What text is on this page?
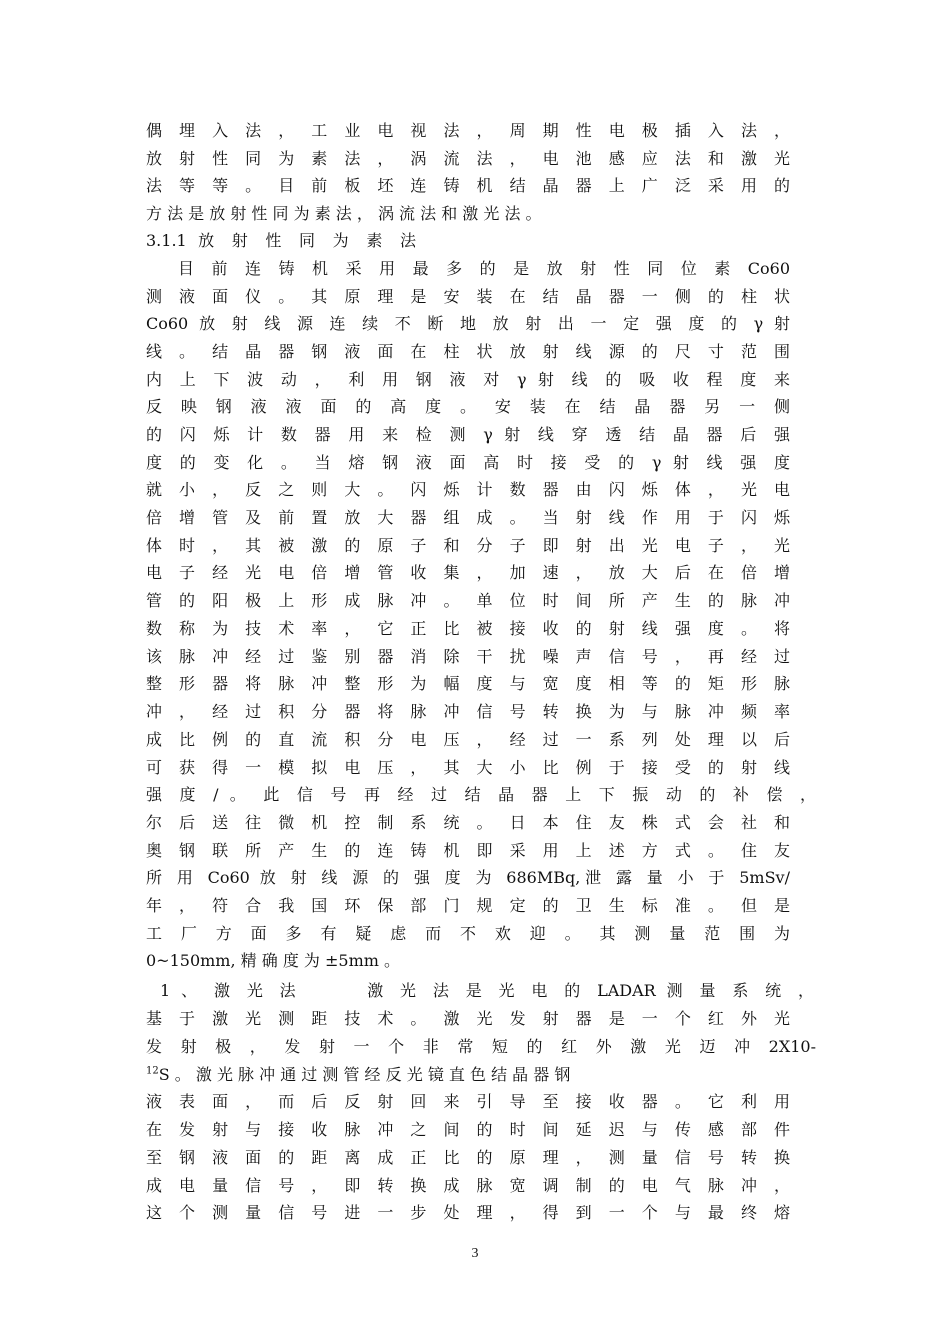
偶 埋 入 法 ， 工 业 电 视 法 ， 周 期 性 电 极 插 入 法 ，
放 射 性 同 为 素 法 ， 涡 流 法 ， 电 池 感 应 法 和 激 光
法 等 等 。 目 前 板 坯 连 铸 机 结 晶 器 上 广 泛 采 用 的
方 法 是 放 射 性 同 为 素 法 ， 涡 流 法 和 激 光 法 。
3.1.1 放 射 性 同 为 素 法
目 前 连 铸 机 采 用 最 多 的 是 放 射 性 同 位 素 Co60
测 液 面 仪 。 其 原 理 是 安 装 在 结 晶 器 一 侧 的 柱 状
Co60 放 射 线 源 连 续 不 断 地 放 射 出 一 定 强 度 的 γ 射
线 。 结 晶 器 钢 液 面 在 柱 状 放 射 线 源 的 尺 寸 范 围
内 上 下 波 动 ， 利 用 钢 液 对 γ 射 线 的 吸 收 程 度 来
反 映 钢 液 液 面 的 高 度 。 安 装 在 结 晶 器 另 一 侧
的 闪 烁 计 数 器 用 来 检 测 γ 射 线 穿 透 结 晶 器 后 强
度 的 变 化 。 当 熔 钢 液 面 高 时 接 受 的 γ 射 线 强 度
就 小 ， 反 之 则 大 。 闪 烁 计 数 器 由 闪 烁 体 ， 光 电
倍 增 管 及 前 置 放 大 器 组 成 。 当 射 线 作 用 于 闪 烁
体 时 ， 其 被 激 的 原 子 和 分 子 即 射 出 光 电 子 ， 光
电 子 经 光 电 倍 增 管 收 集 ， 加 速 ， 放 大 后 在 倍 增
管 的 阳 极 上 形 成 脉 冲 。 单 位 时 间 所 产 生 的 脉 冲
数 称 为 技 术 率 ， 它 正 比 被 接 收 的 射 线 强 度 。 将
该 脉 冲 经 过 鉴 别 器 消 除 干 扰 噪 声 信 号 ， 再 经 过
整 形 器 将 脉 冲 整 形 为 幅 度 与 宽 度 相 等 的 矩 形 脉
冲 ， 经 过 积 分 器 将 脉 冲 信 号 转 换 为 与 脉 冲 频 率
成 比 例 的 直 流 积 分 电 压 ， 经 过 一 系 列 处 理 以 后
可 获 得 一 模 拟 电 压 ， 其 大 小 比 例 于 接 受 的 射 线
强 度 / 。 此 信 号 再 经 过 结 晶 器 上 下 振 动 的 补 偿 ，
尔 后 送 往 微 机 控 制 系 统 。 日 本 住 友 株 式 会 社 和
奥 钢 联 所 产 生 的 连 铸 机 即 采 用 上 述 方 式 。 住 友
所 用 Co60 放 射 线 源 的 强 度 为 686MBq,泄 露 量 小 于 5mSv/
年 ， 符 合 我 国 环 保 部 门 规 定 的 卫 生 标 准 。 但 是
工 厂 方 面 多 有 疑 虑 而 不 欢 迎 。 其 测 量 范 围 为
0~150mm, 精 确 度 为 ±5mm 。
1 、 激 光 法 　　 激 光 法 是 光 电 的 LADAR 测 量 系 统 ，
基 于 激 光 测 距 技 术 。 激 光 发 射 器 是 一 个 红 外 光
发 射 极 ， 发 射 一 个 非 常 短 的 红 外 激 光 迈 冲 2X10-
$^{12}$S 。 激 光 脉 冲 通 过 测 管 经 反 光 镜 直 色 结 晶 器 钢
液 表 面 ， 而 后 反 射 回 来 引 导 至 接 收 器 。 它 利 用
在 发 射 与 接 收 脉 冲 之 间 的 时 间 延 迟 与 传 感 部 件
至 钢 液 面 的 距 离 成 正 比 的 原 理 ， 测 量 信 号 转 换
成 电 量 信 号 ， 即 转 换 成 脉 宽 调 制 的 电 气 脉 冲 ，
这 个 测 量 信 号 进 一 步 处 理 ， 得 到 一 个 与 最 终 熔
3
